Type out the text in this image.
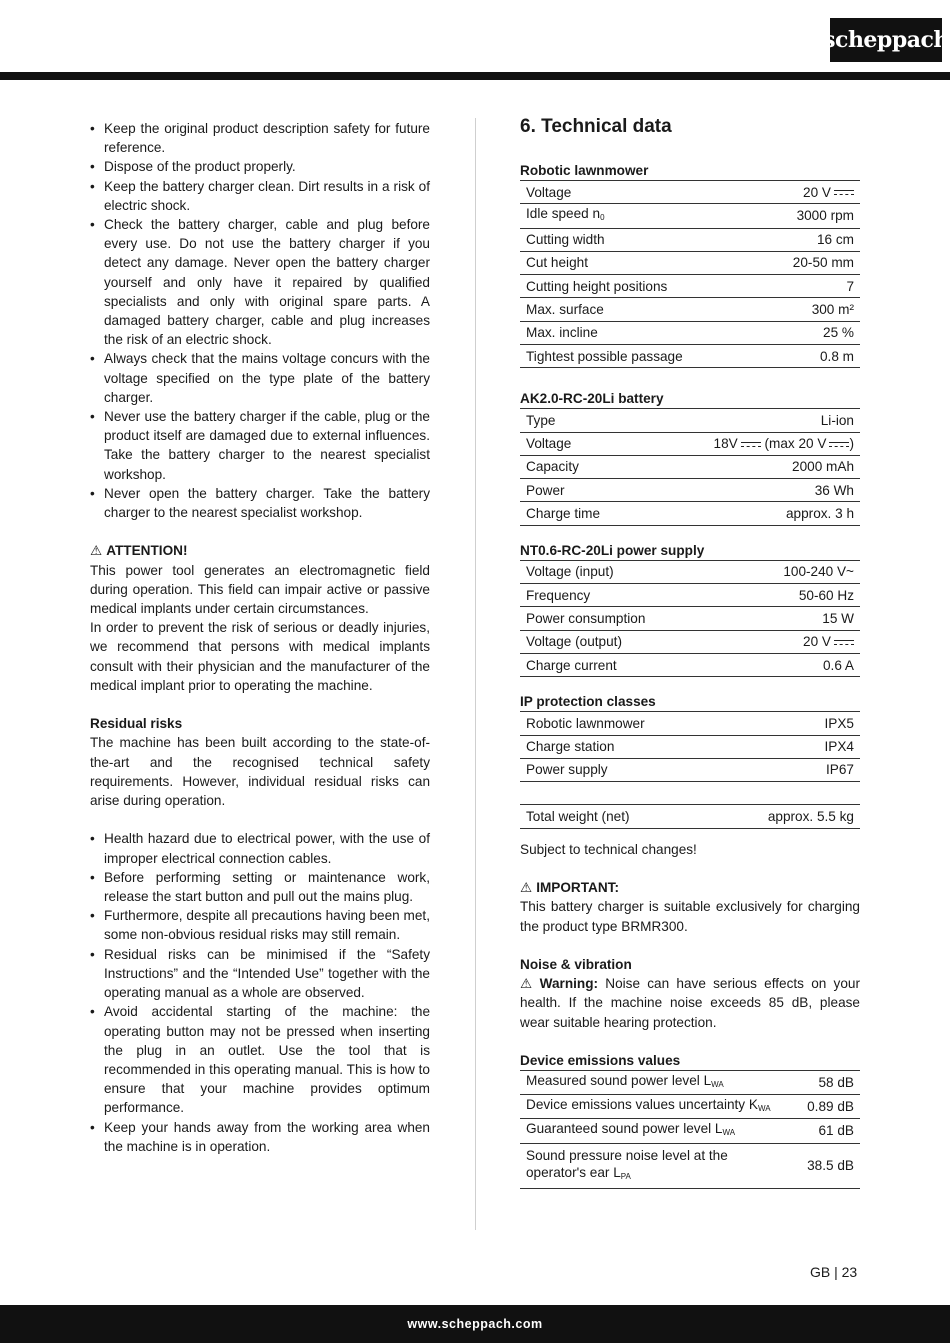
scheppach
• Keep the original product description safety for future reference.
• Dispose of the product properly.
• Keep the battery charger clean. Dirt results in a risk of electric shock.
• Check the battery charger, cable and plug before every use. Do not use the battery charger if you detect any damage. Never open the battery charger yourself and only have it repaired by qualified specialists and only with original spare parts. A damaged battery charger, cable and plug increases the risk of an electric shock.
• Always check that the mains voltage concurs with the voltage specified on the type plate of the battery charger.
• Never use the battery charger if the cable, plug or the product itself are damaged due to external influences. Take the battery charger to the nearest specialist workshop.
• Never open the battery charger. Take the battery charger to the nearest specialist workshop.

⚠ ATTENTION!

This power tool generates an electromagnetic field during operation. This field can impair active or passive medical implants under certain circumstances.

In order to prevent the risk of serious or deadly injuries, we recommend that persons with medical implants consult with their physician and the manufacturer of the medical implant prior to operating the machine.

Residual risks

The machine has been built according to the state-of-the-art and the recognised technical safety requirements. However, individual residual risks can arise during operation.

• Health hazard due to electrical power, with the use of improper electrical connection cables.
• Before performing setting or maintenance work, release the start button and pull out the mains plug.
• Furthermore, despite all precautions having been met, some non-obvious residual risks may still remain.
• Residual risks can be minimised if the “Safety Instructions” and the “Intended Use” together with the operating manual as a whole are observed.
• Avoid accidental starting of the machine: the operating button may not be pressed when inserting the plug in an outlet. Use the tool that is recommended in this operating manual. This is how to ensure that your machine provides optimum performance.
• Keep your hands away from the working area when the machine is in operation.
6. Technical data

Robotic lawnmower

Voltage	20 V
Idle speed $n_0$	3000 rpm
Cutting width	16 cm
Cut height	20-50 mm
Cutting height positions	7
Max. surface	300 m²
Max. incline	25 %
Tightest possible passage	0.8 m

AK2.0-RC-20Li battery

Type	Li-ion
Voltage	18V (max 20 V )
Capacity	2000 mAh
Power	36 Wh
Charge time	approx. 3 h

NT0.6-RC-20Li power supply

Voltage (input)	100-240 V~
Frequency	50-60 Hz
Power consumption	15 W
Voltage (output)	20 V
Charge current	0.6 A

IP protection classes

Robotic lawnmower	IPX5
Charge station	IPX4
Power supply	IP67

Total weight (net)	approx. 5.5 kg

Subject to technical changes!

⚠ IMPORTANT:

This battery charger is suitable exclusively for charging the product type BRMR300.

Noise & vibration

⚠ Warning: Noise can have serious effects on your health. If the machine noise exceeds 85 dB, please wear suitable hearing protection.

Device emissions values

Measured sound power level $L_{WA}$	58 dB
Device emissions values uncertainty $K_{WA}$	0.89 dB
Guaranteed sound power level $L_{WA}$	61 dB
Sound pressure noise level at the
operator's ear $L_{PA}$	38.5 dB
GB | 23
www.scheppach.com
